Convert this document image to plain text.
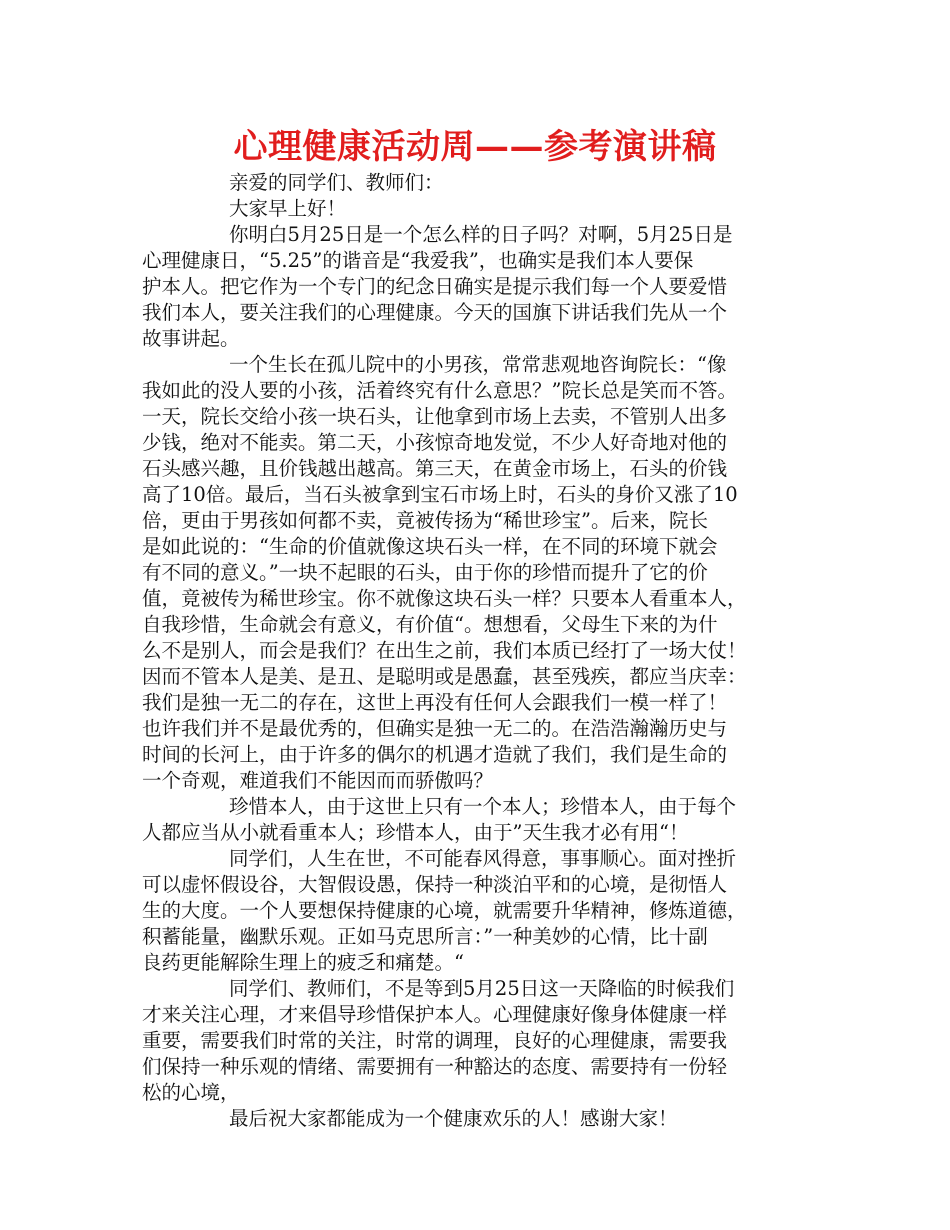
心理健康活动周——参考演讲稿
亲爱的同学们、教师们：
大家早上好！
你明白5月25日是一个怎么样的日子吗？对啊，5月25日是
心理健康日，“5.25”的谐音是“我爱我”，也确实是我们本人要保
护本人。把它作为一个专门的纪念日确实是提示我们每一个人要爱惜
我们本人，要关注我们的心理健康。今天的国旗下讲话我们先从一个
故事讲起。
一个生长在孤儿院中的小男孩，常常悲观地咨询院长：“像
我如此的没人要的小孩，活着终究有什么意思？”院长总是笑而不答。
一天，院长交给小孩一块石头，让他拿到市场上去卖，不管别人出多
少钱，绝对不能卖。第二天，小孩惊奇地发觉，不少人好奇地对他的
石头感兴趣，且价钱越出越高。第三天，在黄金市场上，石头的价钱
高了10倍。最后，当石头被拿到宝石市场上时，石头的身价又涨了10
倍，更由于男孩如何都不卖，竟被传扬为“稀世珍宝”。后来，院长
是如此说的：“生命的价值就像这块石头一样，在不同的环境下就会
有不同的意义。”一块不起眼的石头，由于你的珍惜而提升了它的价
值，竟被传为稀世珍宝。你不就像这块石头一样？只要本人看重本人，
自我珍惜，生命就会有意义，有价值“。想想看，父母生下来的为什
么不是别人，而会是我们？在出生之前，我们本质已经打了一场大仗！
因而不管本人是美、是丑、是聪明或是愚蠢，甚至残疾，都应当庆幸：
我们是独一无二的存在，这世上再没有任何人会跟我们一模一样了！
也许我们并不是最优秀的，但确实是独一无二的。在浩浩瀚瀚历史与
时间的长河上，由于许多的偶尔的机遇才造就了我们，我们是生命的
一个奇观，难道我们不能因而而骄傲吗？
珍惜本人，由于这世上只有一个本人；珍惜本人，由于每个
人都应当从小就看重本人；珍惜本人，由于”天生我才必有用“！
同学们，人生在世，不可能春风得意，事事顺心。面对挫折
可以虚怀假设谷，大智假设愚，保持一种淡泊平和的心境，是彻悟人
生的大度。一个人要想保持健康的心境，就需要升华精神，修炼道德，
积蓄能量，幽默乐观。正如马克思所言：”一种美妙的心情，比十副
良药更能解除生理上的疲乏和痛楚。“
同学们、教师们，不是等到5月25日这一天降临的时候我们
才来关注心理，才来倡导珍惜保护本人。心理健康好像身体健康一样
重要，需要我们时常的关注，时常的调理，良好的心理健康，需要我
们保持一种乐观的情绪、需要拥有一种豁达的态度、需要持有一份轻
松的心境，
最后祝大家都能成为一个健康欢乐的人！感谢大家！
